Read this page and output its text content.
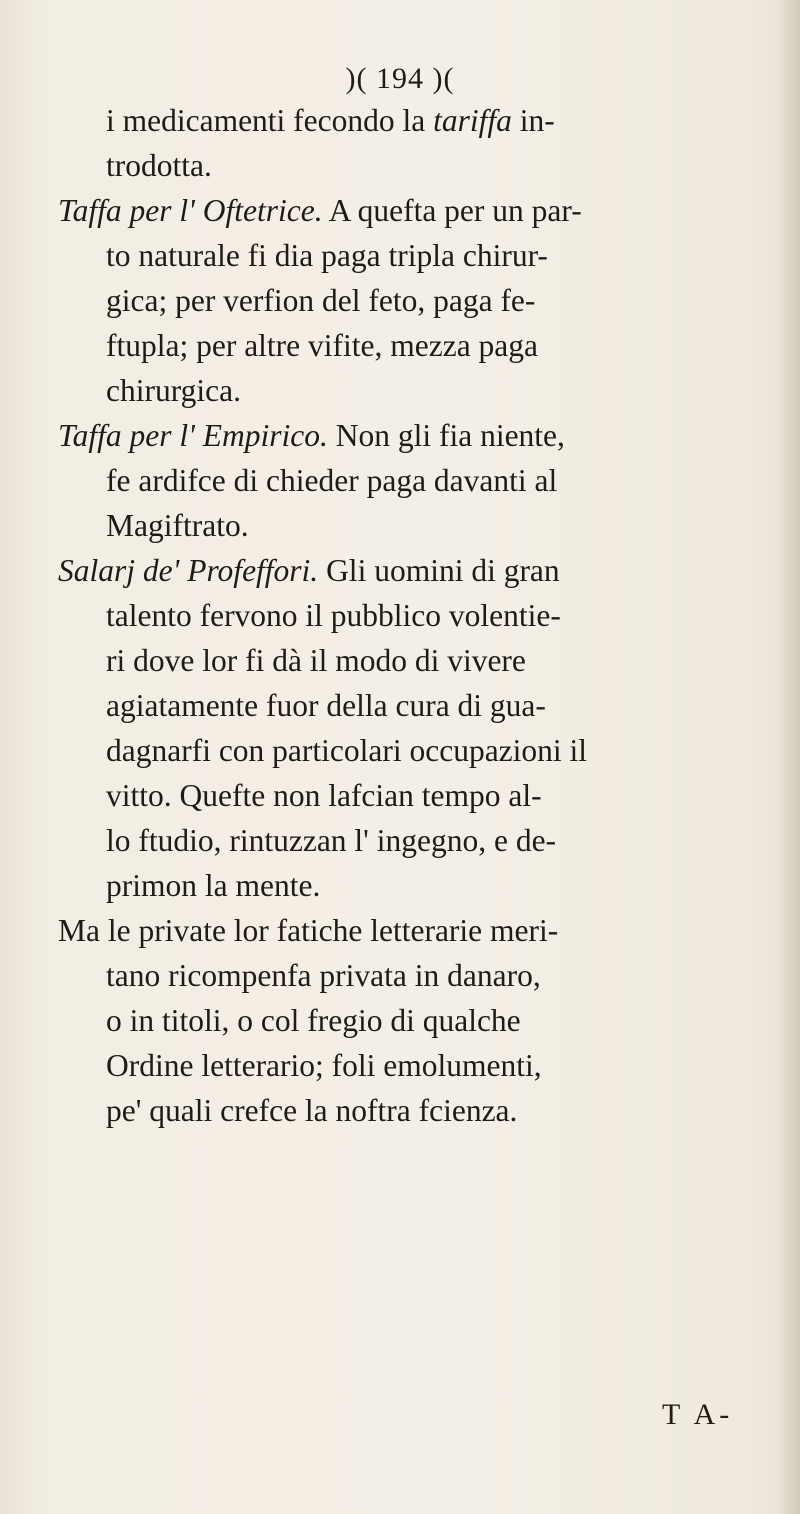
)( 194 )(
i medicamenti fecondo la tariffa in-
trodotta.
Taffa per l' Oftetrice. A quefta per un par-
to naturale fi dia paga tripla chirur-
gica; per verfion del feto, paga fe-
ftupla; per altre vifite, mezza paga
chirurgica.
Taffa per l' Empirico. Non gli fia niente,
fe ardifce di chieder paga davanti al
Magiftrato.
Salarj de' Profeffori. Gli uomini di gran
talento fervono il pubblico volentie-
ri dove lor fi dà il modo di vivere
agiatamente fuor della cura di gua-
dagnarfi con particolari occupazioni il
vitto. Quefte non lafcian tempo al-
lo ftudio, rintuzzan l' ingegno, e de-
primon la mente.
Ma le private lor fatiche letterarie meri-
tano ricompenfa privata in danaro,
o in titoli, o col fregio di qualche
Ordine letterario; foli emolumenti,
pe' quali crefce la noftra fcienza.
T A-
